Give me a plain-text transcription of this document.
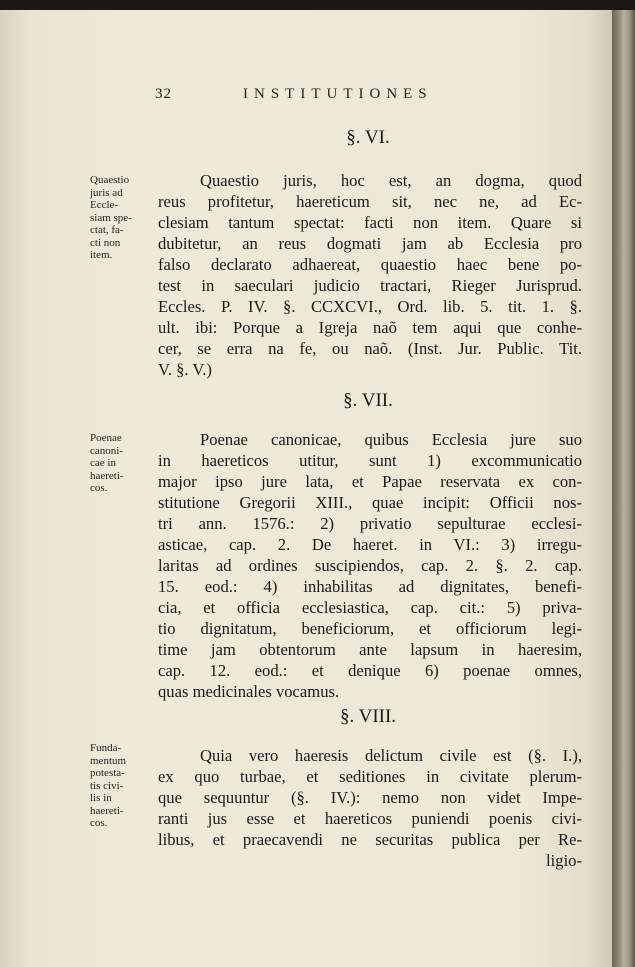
32	INSTITUTIONES
§. VI.
Quaestio
juris ad
Eccle-
siam spe-
ctat, fa-
cti non
item.
Quaestio juris, hoc est, an dogma, quod
reus profitetur, haereticum sit, nec ne, ad Ec-
clesiam tantum spectat: facti non item. Quare si
dubitetur, an reus dogmati jam ab Ecclesia pro
falso declarato adhaereat, quaestio haec bene po-
test in saeculari judicio tractari, Rieger Jurisprud.
Eccles. P. IV. §. CCXCVI., Ord. lib. 5. tit. 1. §.
ult. ibi: Porque a Igreja naõ tem aqui que conhe-
cer, se erra na fe, ou naõ. (Inst. Jur. Public. Tit.
V. §. V.)
§. VII.
Poenae
canoni-
cae in
haereti-
cos.
Poenae canonicae, quibus Ecclesia jure suo
in haereticos utitur, sunt 1) excommunicatio
major ipso jure lata, et Papae reservata ex con-
stitutione Gregorii XIII., quae incipit: Officii nos-
tri ann. 1576.: 2) privatio sepulturae ecclesi-
asticae, cap. 2. De haeret. in VI.: 3) irregu-
laritas ad ordines suscipiendos, cap. 2. §. 2. cap.
15. eod.: 4) inhabilitas ad dignitates, benefi-
cia, et officia ecclesiastica, cap. cit.: 5) priva-
tio dignitatum, beneficiorum, et officiorum legi-
time jam obtentorum ante lapsum in haeresim,
cap. 12. eod.: et denique 6) poenae omnes,
quas medicinales vocamus.
§. VIII.
Funda-
mentum
potesta-
tis civi-
lis in
haereti-
cos.
Quia vero haeresis delictum civile est (§. I.),
ex quo turbae, et seditiones in civitate plerum-
que sequuntur (§. IV.): nemo non videt Impe-
ranti jus esse et haereticos puniendi poenis civi-
libus, et praecavendi ne securitas publica per Re-
ligio-
